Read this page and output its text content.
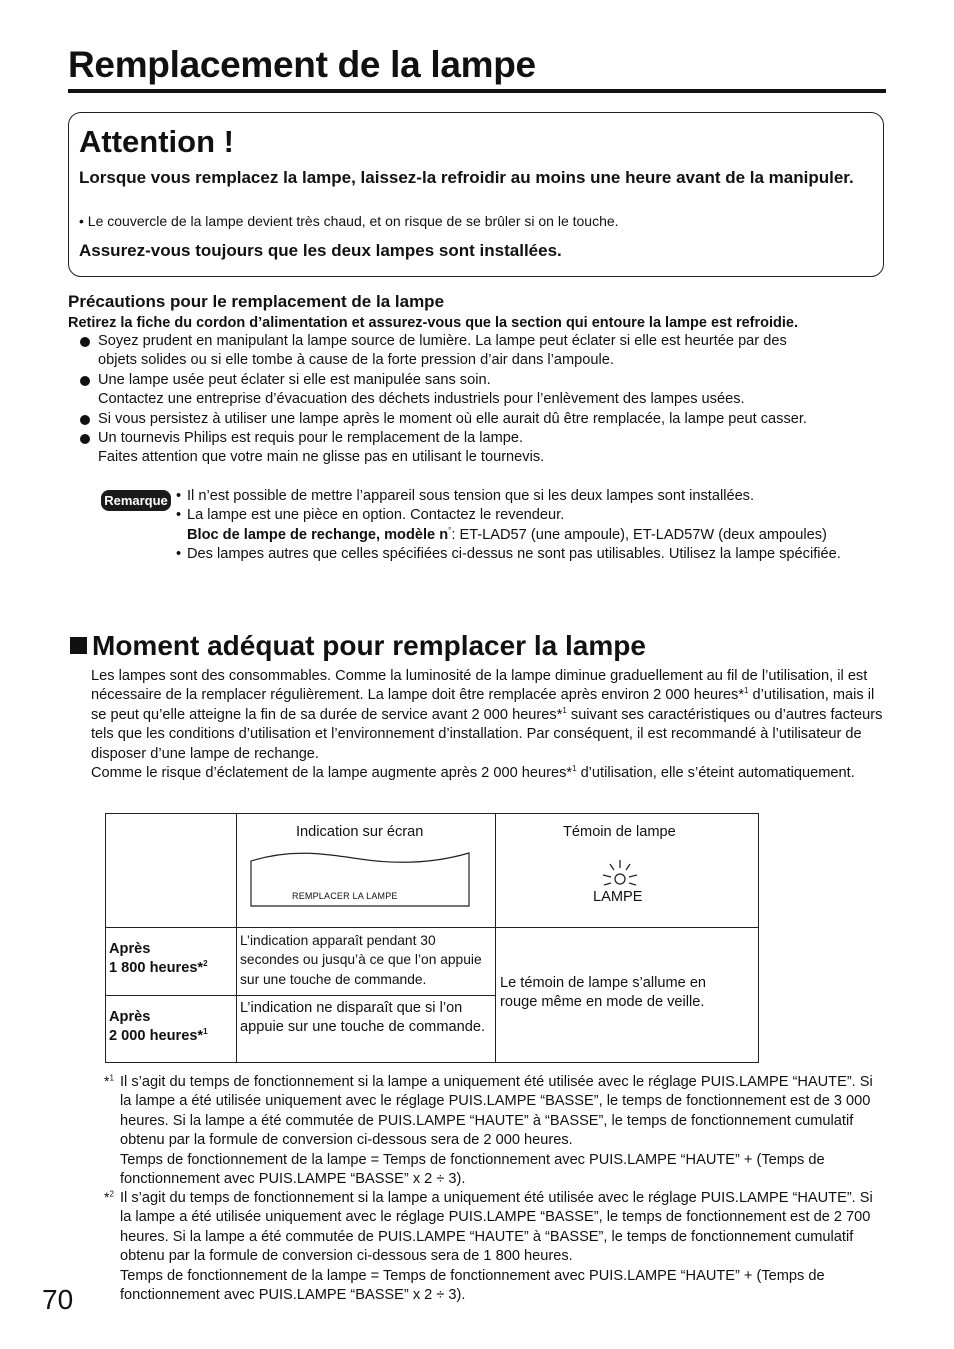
Remplacement de la lampe
Attention !
Lorsque vous remplacez la lampe, laissez-la refroidir au moins une heure avant de la manipuler.
• Le couvercle de la lampe devient très chaud, et on risque de se brûler si on le touche.
Assurez-vous toujours que les deux lampes sont installées.
Précautions pour le remplacement de la lampe
Retirez la fiche du cordon d’alimentation et assurez-vous que la section qui entoure la lampe est refroidie.
Soyez prudent en manipulant la lampe source de lumière. La lampe peut éclater si elle est heurtée par des
objets solides ou si elle tombe à cause de la forte pression d’air dans l’ampoule.
Une lampe usée peut éclater si elle est manipulée sans soin.
Contactez une entreprise d’évacuation des déchets industriels pour l’enlèvement des lampes usées.
Si vous persistez à utiliser une lampe après le moment où elle aurait dû être remplacée, la lampe peut casser.
Un tournevis Philips est requis pour le remplacement de la lampe.
Faites attention que votre main ne glisse pas en utilisant le tournevis.
Remarque • Il n’est possible de mettre l’appareil sous tension que si les deux lampes sont installées.
• La lampe est une pièce en option. Contactez le revendeur.
Bloc de lampe de rechange, modèle n°: ET-LAD57 (une ampoule), ET-LAD57W (deux ampoules)
• Des lampes autres que celles spécifiées ci-dessus ne sont pas utilisables. Utilisez la lampe spécifiée.
Moment adéquat pour remplacer la lampe

Les lampes sont des consommables. Comme la luminosité de la lampe diminue graduellement au fil de l’utilisation, il est nécessaire de la remplacer régulièrement. La lampe doit être remplacée après environ 2 000 heures*$^1$ d’utilisation, mais il se peut qu’elle atteigne la fin de sa durée de service avant 2 000 heures*$^1$ suivant ses caractéristiques ou d’autres facteurs tels que les conditions d’utilisation et l’environnement d’installation. Par conséquent, il est recommandé à l’utilisateur de disposer d’une lampe de rechange.
Comme le risque d’éclatement de la lampe augmente après 2 000 heures*$^1$ d’utilisation, elle s’éteint automatiquement.

Indication sur écran	Témoin de lampe
REMPLACER LA LAMPE	LAMPE
Après
1 800 heures*$^2$
L’indication apparaît pendant 30 secondes ou jusqu’à ce que l’on appuie sur une touche de commande.
Après
2 000 heures*$^1$
L’indication ne disparaît que si l’on appuie sur une touche de commande.
Le témoin de lampe s’allume en rouge même en mode de veille.
*$^1$ Il s’agit du temps de fonctionnement si la lampe a uniquement été utilisée avec le réglage PUIS.LAMPE “HAUTE”. Si la lampe a été utilisée uniquement avec le réglage PUIS.LAMPE “BASSE”, le temps de fonctionnement est de 3 000 heures. Si la lampe a été commutée de PUIS.LAMPE “HAUTE” à “BASSE”, le temps de fonctionnement cumulatif obtenu par la formule de conversion ci-dessous sera de 2 000 heures.
Temps de fonctionnement de la lampe = Temps de fonctionnement avec PUIS.LAMPE “HAUTE” + (Temps de fonctionnement avec PUIS.LAMPE “BASSE” x 2 ÷ 3).
*$^2$ Il s’agit du temps de fonctionnement si la lampe a uniquement été utilisée avec le réglage PUIS.LAMPE “HAUTE”. Si la lampe a été utilisée uniquement avec le réglage PUIS.LAMPE “BASSE”, le temps de fonctionnement est de 2 700 heures. Si la lampe a été commutée de PUIS.LAMPE “HAUTE” à “BASSE”, le temps de fonctionnement cumulatif obtenu par la formule de conversion ci-dessous sera de 1 800 heures.
Temps de fonctionnement de la lampe = Temps de fonctionnement avec PUIS.LAMPE “HAUTE” + (Temps de fonctionnement avec PUIS.LAMPE “BASSE” x 2 ÷ 3).
70
